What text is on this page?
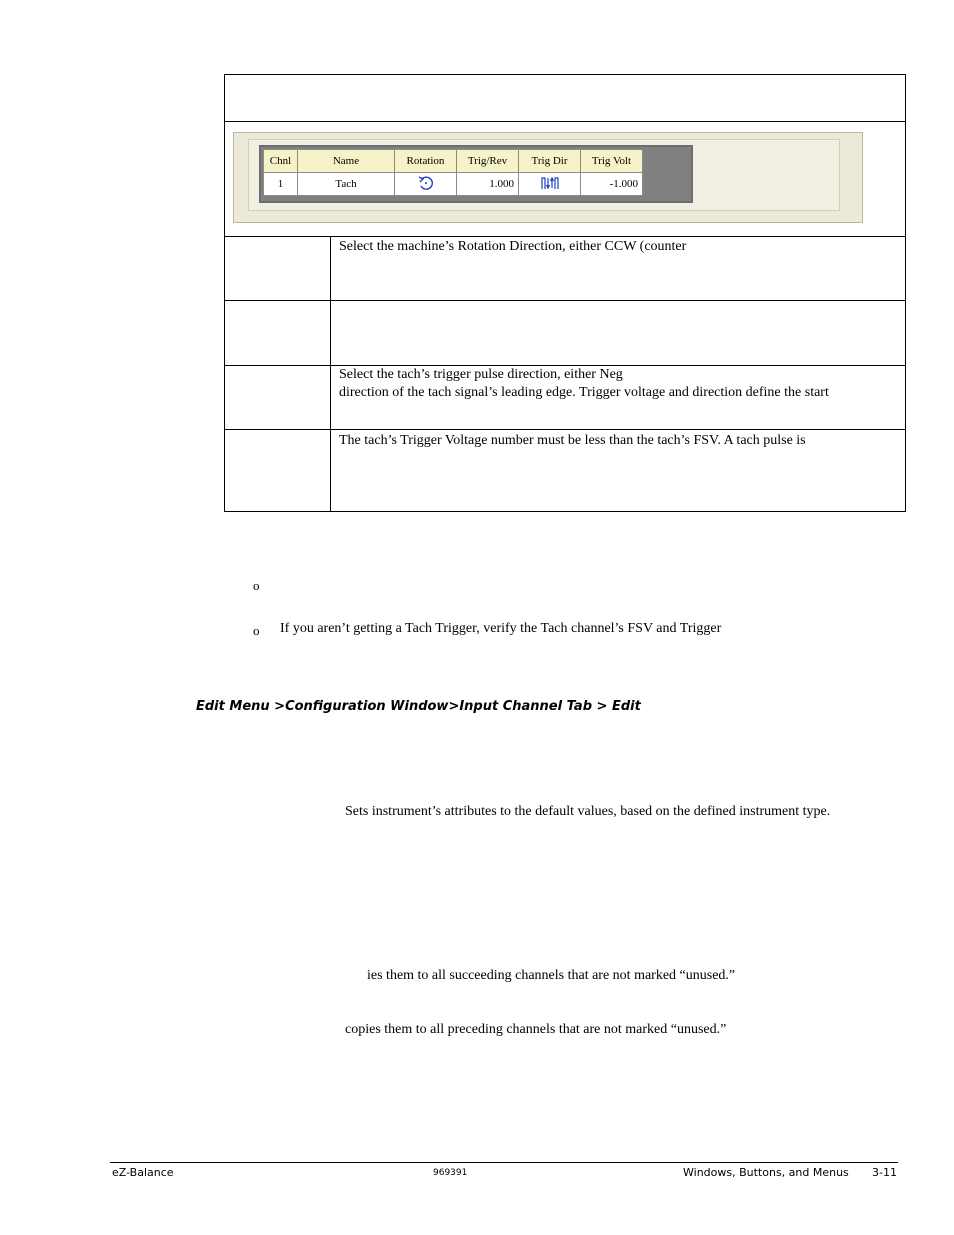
Chnl	Name	Rotation	Trig/Rev	Trig Dir	Trig Volt
1	Tach		1.000		-1.000
Select the machine’s Rotation Direction, either CCW (counter
Select the tach’s trigger pulse direction, either Neg
direction of the tach signal’s leading edge. Trigger voltage and direction define the start
The tach’s Trigger Voltage number must be less than the tach’s FSV. A tach pulse is
o
o If you aren’t getting a Tach Trigger, verify the Tach channel’s FSV and Trigger
Edit Menu >Configuration Window>Input Channel Tab > Edit
Sets instrument’s attributes to the default values, based on the defined instrument type.
ies them to all succeeding channels that are not marked “unused.”
copies them to all preceding channels that are not marked “unused.”
eZ-Balance	969391	Windows, Buttons, and Menus 3-11
